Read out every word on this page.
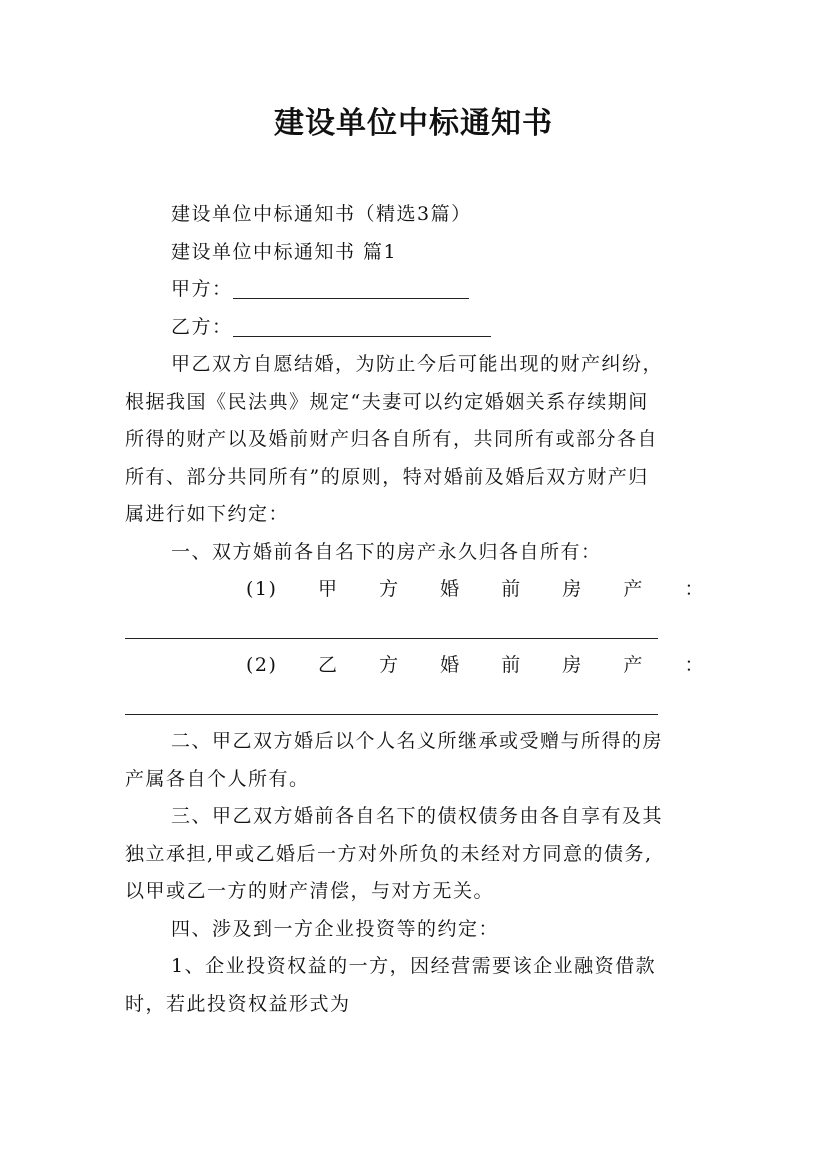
建设单位中标通知书
建设单位中标通知书（精选3篇）
建设单位中标通知书 篇1
甲方：
乙方：
甲乙双方自愿结婚，为防止今后可能出现的财产纠纷，
根据我国《民法典》规定“夫妻可以约定婚姻关系存续期间
所得的财产以及婚前财产归各自所有，共同所有或部分各自
所有、部分共同所有”的原则，特对婚前及婚后双方财产归
属进行如下约定：
一、双方婚前各自名下的房产永久归各自所有：
(1) 甲 方 婚 前 房 产 ：
(2) 乙 方 婚 前 房 产 ：
二、甲乙双方婚后以个人名义所继承或受赠与所得的房
产属各自个人所有。
三、甲乙双方婚前各自名下的债权债务由各自享有及其
独立承担,甲或乙婚后一方对外所负的未经对方同意的债务,
以甲或乙一方的财产清偿，与对方无关。
四、涉及到一方企业投资等的约定：
1、企业投资权益的一方，因经营需要该企业融资借款
时，若此投资权益形式为
